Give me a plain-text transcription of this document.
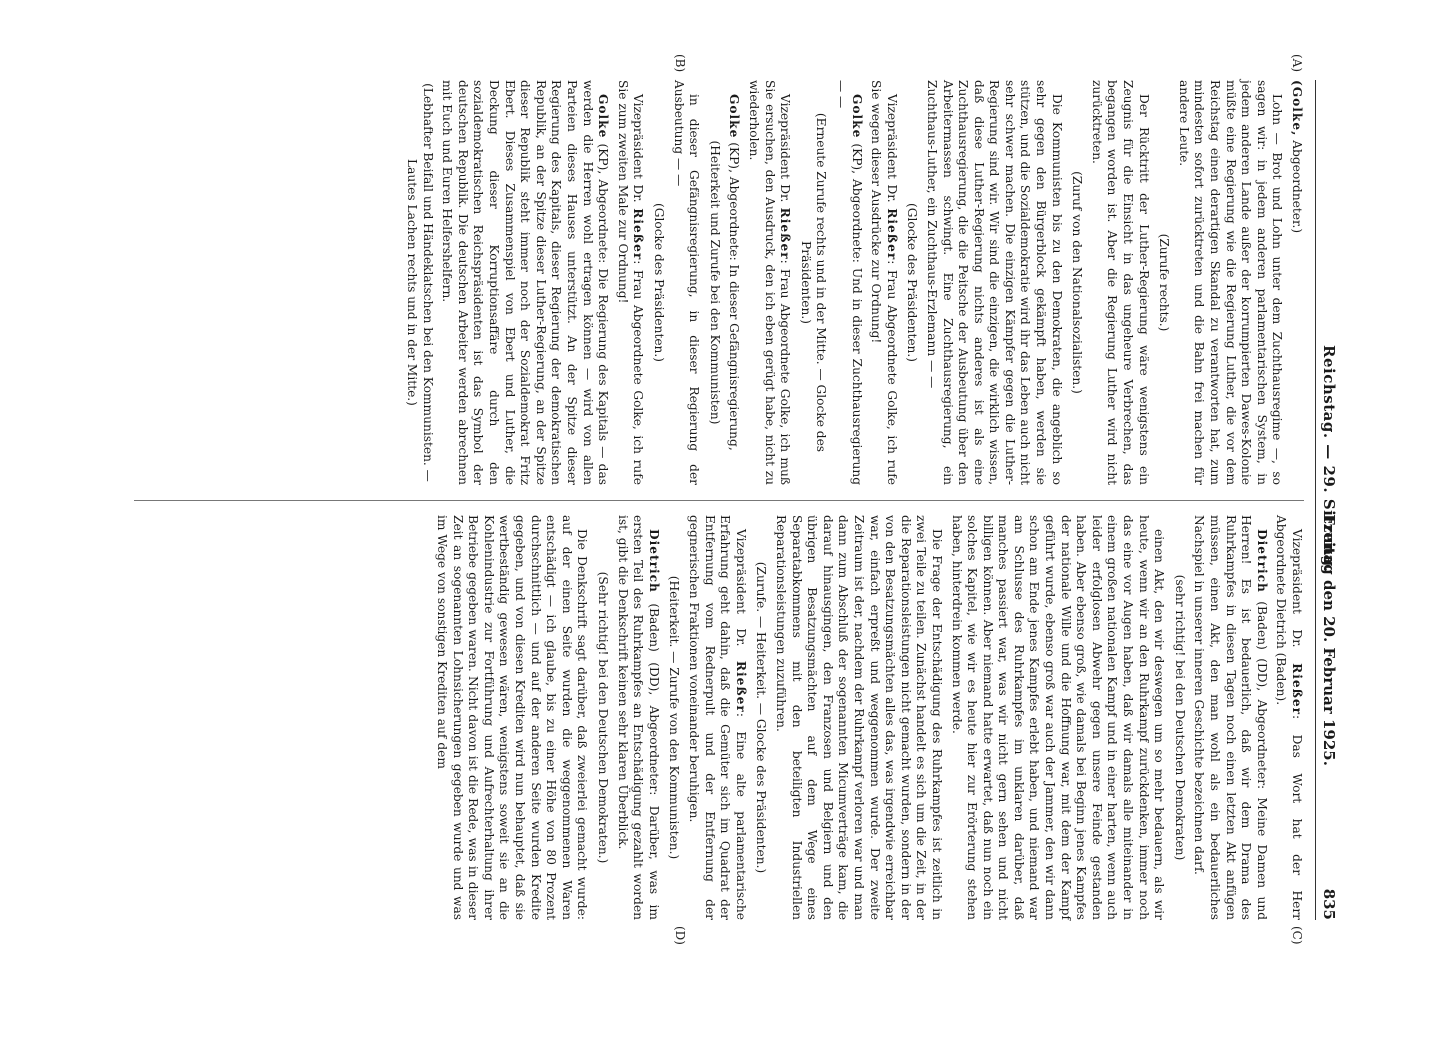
Reichstag. — 29. Sitzung.
Freitag den 20. Februar 1925.
835
(A)
(B)
(C)
(D)

(Golke, Abgeordneter.)

Lohn — Brot und Lohn unter dem Zuchthausregime —, so sagen wir: in jedem anderen parlamentarischen System, in jedem anderen Lande außer der korrumpierten Dawes-Kolonie müßte eine Regierung wie die Regierung Luther, die vor dem Reichstag einen derartigen Skandal zu verantworten hat, zum mindesten sofort zurücktreten und die Bahn frei machen für andere Leute.

(Zurufe rechts.)

Der Rücktritt der Luther-Regierung wäre wenigstens ein Zeugnis für die Einsicht in das ungeheure Verbrechen, das begangen worden ist. Aber die Regierung Luther wird nicht zurücktreten.

(Zuruf von den Nationalsozialisten.)

Die Kommunisten bis zu den Demokraten, die angeblich so sehr gegen den Bürgerblock gekämpft haben, werden sie stützen, und die Sozialdemokratie wird ihr das Leben auch nicht sehr schwer machen. Die einzigen Kämpfer gegen die Luther-Regierung sind wir. Wir sind die einzigen, die wirklich wissen, daß diese Luther-Regierung nichts anderes ist als eine Zuchthausregierung, die die Peitsche der Ausbeutung über den Arbeitermassen schwingt. Eine Zuchthausregierung, ein Zuchthaus-Luther, ein Zuchthaus-Erzlemann — —

(Glocke des Präsidenten.)

Vizepräsident Dr. Rießer: Frau Abgeordnete Golke, ich rufe Sie wegen dieser Ausdrücke zur Ordnung!

Golke (KP), Abgeordnete: Und in dieser Zuchthausregierung — —

(Erneute Zurufe rechts und in der Mitte. — Glocke des Präsidenten.)

Vizepräsident Dr. Rießer: Frau Abgeordnete Golke, ich muß Sie ersuchen, den Ausdruck, den ich eben gerügt habe, nicht zu wiederholen.

Golke (KP), Abgeordnete: In dieser Gefängnisregierung,

(Heiterkeit und Zurufe bei den Kommunisten)

in dieser Gefängnisregierung, in dieser Regierung der Ausbeutung — —

(Glocke des Präsidenten.)

Vizepräsident Dr. Rießer: Frau Abgeordnete Golke, ich rufe Sie zum zweiten Male zur Ordnung!

Golke (KP), Abgeordnete: Die Regierung des Kapitals — das werden die Herren wohl ertragen können — wird von allen Parteien dieses Hauses unterstützt. An der Spitze dieser Regierung des Kapitals, dieser Regierung der demokratischen Republik, an der Spitze dieser Luther-Regierung, an der Spitze dieser Republik steht immer noch der Sozialdemokrat Fritz Ebert. Dieses Zusammenspiel von Ebert und Luther, die Deckung dieser Korruptionsaffäre durch den sozialdemokratischen Reichspräsidenten ist das Symbol der deutschen Republik. Die deutschen Arbeiter werden abrechnen mit Euch und Euren Helfershelfern.

(Lebhafter Beifall und Händeklatschen bei den Kommunisten. — Lautes Lachen rechts und in der Mitte.)

Vizepräsident Dr. Rießer: Das Wort hat der Herr Abgeordnete Dietrich (Baden).

Dietrich (Baden) (DD), Abgeordneter: Meine Damen und Herren! Es ist bedauerlich, daß wir dem Drama des Ruhrkampfes in diesen Tagen noch einen letzten Akt anfügen müssen, einen Akt, den man wohl als ein bedauerliches Nachspiel in unserer inneren Geschichte bezeichnen darf.

(sehr richtig! bei den Deutschen Demokraten)

einen Akt, den wir deswegen um so mehr bedauern, als wir heute, wenn wir an den Ruhrkampf zurückdenken, immer noch das eine vor Augen haben, daß wir damals alle miteinander in einem großen nationalen Kampf und in einer harten, wenn auch leider erfolglosen Abwehr gegen unsere Feinde gestanden haben. Aber ebenso groß, wie damals bei Beginn jenes Kampfes der nationale Wille und die Hoffnung war, mit dem der Kampf geführt wurde, ebenso groß war auch der Jammer, den wir dann schon am Ende jenes Kampfes erlebt haben, und niemand war am Schlusse des Ruhrkampfes im unklaren darüber, daß manches passiert war, was wir nicht gern sehen und nicht billigen können. Aber niemand hatte erwartet, daß nun noch ein solches Kapitel, wie wir es heute hier zur Erörterung stehen haben, hinterdrein kommen werde.

Die Frage der Entschädigung des Ruhrkampfes ist zeitlich in zwei Teile zu teilen. Zunächst handelt es sich um die Zeit, in der die Reparationsleistungen nicht gemacht wurden, sondern in der von den Besatzungsmächten alles das, was irgendwie erreichbar war, einfach erpreßt und weggenommen wurde. Der zweite Zeitraum ist der, nachdem der Ruhrkampf verloren war und man dann zum Abschluß der sogenannten Micumverträge kam, die darauf hinausgingen, den Franzosen und Belgiern und den übrigen Besatzungsmächten auf dem Wege eines Separatabkommens mit den beteiligten Industriellen Reparationsleistungen zuzuführen.

(Zurufe. — Heiterkeit. — Glocke des Präsidenten.)

Vizepräsident Dr. Rießer: Eine alte parlamentarische Erfahrung geht dahin, daß die Gemüter sich im Quadrat der Entfernung vom Rednerpult und der Entfernung der gegnerischen Fraktionen voneinander beruhigen.

(Heiterkeit. — Zurufe von den Kommunisten.)

Dietrich (Baden) (DD), Abgeordneter: Darüber, was im ersten Teil des Ruhrkampfes an Entschädigung gezahlt worden ist, gibt die Denkschrift keinen sehr klaren Überblick.

(Sehr richtig! bei den Deutschen Demokraten.)

Die Denkschrift sagt darüber, daß zweierlei gemacht wurde: auf der einen Seite wurden die weggenommenen Waren entschädigt — ich glaube, bis zu einer Höhe von 80 Prozent durchschnittlich — und auf der anderen Seite wurden Kredite gegeben, und von diesen Krediten wird nun behauptet, daß sie wertbeständig gewesen wären, wenigstens soweit sie an die Kohlenindustrie zur Fortführung und Aufrechterhaltung ihrer Betriebe gegeben waren. Nicht davon ist die Rede, was in dieser Zeit an sogenannten Lohnsicherungen gegeben wurde und was im Wege von sonstigen Krediten auf dem
